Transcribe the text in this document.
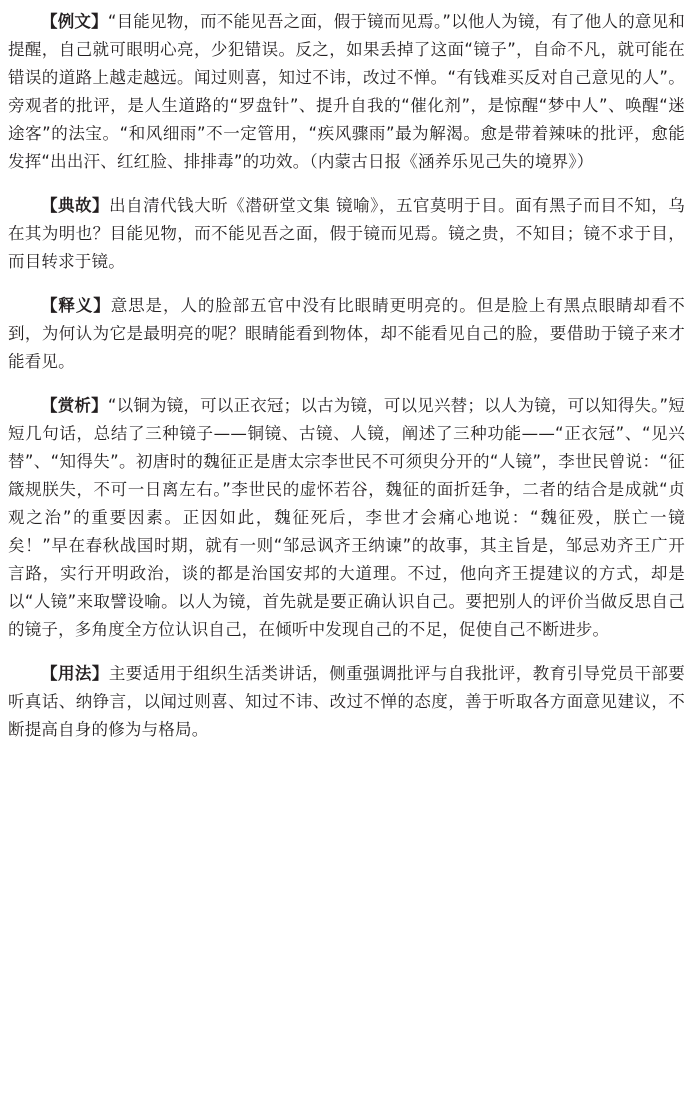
【例文】“目能见物，而不能见吾之面，假于镜而见焉。”以他人为镜，有了他人的意见和提醒，自己就可眼明心亮，少犯错误。反之，如果丢掉了这面“镜子”，自命不凡，就可能在错误的道路上越走越远。闻过则喜，知过不讳，改过不惮。“有钱难买反对自己意见的人”。旁观者的批评，是人生道路的“罗盘针”、提升自我的“催化剂”，是惊醒“梦中人”、唤醒“迷途客”的法宝。“和风细雨”不一定管用，“疾风骤雨”最为解渴。愈是带着辣味的批评，愈能发挥“出出汗、红红脸、排排毒”的功效。（内蒙古日报《涵养乐见己失的境界》）

【典故】出自清代钱大昕《潜研堂文集 镜喻》，五官莫明于目。面有黑子而目不知，乌在其为明也？目能见物，而不能见吾之面，假于镜而见焉。镜之贵，不知目；镜不求于目，而目转求于镜。

【释义】意思是，人的脸部五官中没有比眼睛更明亮的。但是脸上有黑点眼睛却看不到，为何认为它是最明亮的呢？眼睛能看到物体，却不能看见自己的脸，要借助于镜子来才能看见。

【赏析】“以铜为镜，可以正衣冠；以古为镜，可以见兴替；以人为镜，可以知得失。”短短几句话，总结了三种镜子——铜镜、古镜、人镜，阐述了三种功能——“正衣冠”、“见兴替”、“知得失”。初唐时的魏征正是唐太宗李世民不可须臾分开的“人镜”，李世民曾说：“征箴规朕失，不可一日离左右。”李世民的虚怀若谷，魏征的面折廷争，二者的结合是成就“贞观之治”的重要因素。正因如此，魏征死后，李世才会痛心地说：“魏征殁，朕亡一镜矣！”早在春秋战国时期，就有一则“邹忌讽齐王纳谏”的故事，其主旨是，邹忌劝齐王广开言路，实行开明政治，谈的都是治国安邦的大道理。不过，他向齐王提建议的方式，却是以“人镜”来取譬设喻。以人为镜，首先就是要正确认识自己。要把别人的评价当做反思自己的镜子，多角度全方位认识自己，在倾听中发现自己的不足，促使自己不断进步。

【用法】主要适用于组织生活类讲话，侧重强调批评与自我批评，教育引导党员干部要听真话、纳铮言，以闻过则喜、知过不讳、改过不惮的态度，善于听取各方面意见建议，不断提高自身的修为与格局。
